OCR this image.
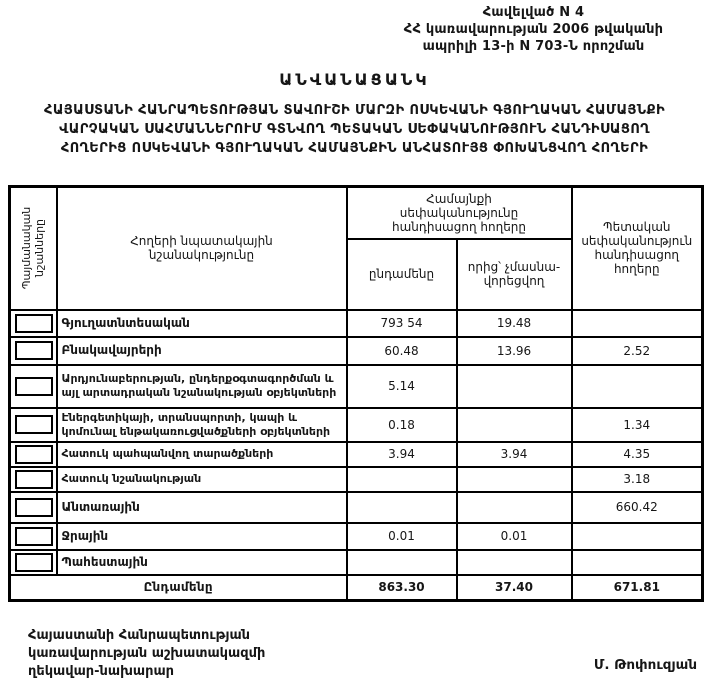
Հավելված N 4
ՀՀ կառավարության 2006 թվականի
ապրիլի 13-ի N 703-Ն որոշման
ԱՆՎԱՆԱՑԱՆԿ
ՀԱՅԱՍՏԱՆԻ ՀԱՆՐԱՊԵՏՈՒԹՅԱՆ ՏԱՎՈՒՇԻ ՄԱՐԶԻ ՈՍԿԵՎԱՆԻ ԳՅՈՒՂԱԿԱՆ ՀԱՄԱՅՆՔԻ
ՎԱՐՉԱԿԱՆ ՍԱՀՄԱՆՆԵՐՈՒՄ ԳՏՆՎՈՂ ՊԵՏԱԿԱՆ ՍԵՓԱԿԱՆՈՒԹՅՈՒՆ ՀԱՆԴԻՍԱՑՈՂ
ՀՈՂԵՐԻՑ ՈՍԿԵՎԱՆԻ ԳՅՈՒՂԱԿԱՆ ՀԱՄԱՅՆՔԻՆ ԱՆՀԱՏՈՒՅՑ ՓՈԽԱՆՑՎՈՂ ՀՈՂԵՐԻ
Պայմանական նշանները	Հողերի նպատակային նշանակությունը	Համայնքի սեփականությունը հանդիսացող հողերը		Պետական սեփականություն հանդիսացող հողերը
		ընդամենը	որից՝ չմասնա-վորեցվող	

	Գյուղատնտեսական	793 54	19.48	

	Բնակավայրերի	60.48	13.96	2.52

	Արդյունաբերության, ընդերքօգտագործման և այլ արտադրական նշանակության օբյեկտների	5.14		

	Էներգետիկայի, տրանսպորտի, կապի և կոմունալ ենթակառուցվածքների օբյեկտների	0.18		1.34

	Հատուկ պահպանվող տարածքների	3.94	3.94	4.35

	Հատուկ նշանակության			3.18

	Անտառային			660.42

	Ջրային	0.01	0.01	

	Պահեստային			
Ընդամենը		863.30	37.40	671.81
Հայաստանի Հանրապետության
կառավարության աշխատակազմի
ղեկավար-նախարար	Մ. Թոփուզյան
